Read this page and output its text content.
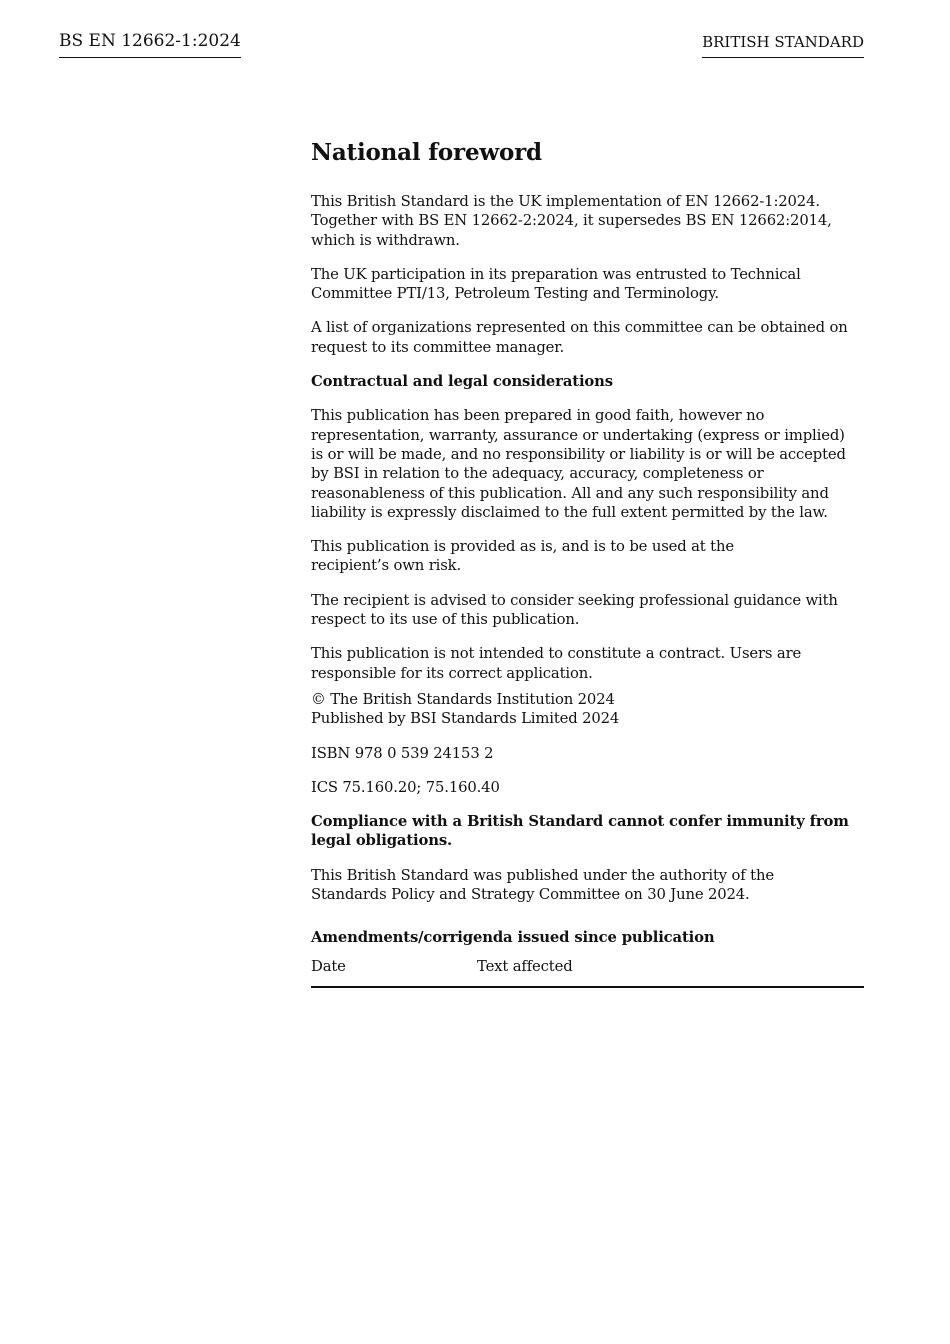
BS EN 12662-1:2024	BRITISH STANDARD
National foreword
This British Standard is the UK implementation of EN 12662-1:2024.
Together with BS EN 12662-2:2024, it supersedes BS EN 12662:2014,
which is withdrawn.
The UK participation in its preparation was entrusted to Technical
Committee PTI/13, Petroleum Testing and Terminology.
A list of organizations represented on this committee can be obtained on
request to its committee manager.
Contractual and legal considerations
This publication has been prepared in good faith, however no
representation, warranty, assurance or undertaking (express or implied)
is or will be made, and no responsibility or liability is or will be accepted
by BSI in relation to the adequacy, accuracy, completeness or
reasonableness of this publication. All and any such responsibility and
liability is expressly disclaimed to the full extent permitted by the law.
This publication is provided as is, and is to be used at the
recipient’s own risk.
The recipient is advised to consider seeking professional guidance with
respect to its use of this publication.
This publication is not intended to constitute a contract. Users are
responsible for its correct application.
© The British Standards Institution 2024
Published by BSI Standards Limited 2024
ISBN 978 0 539 24153 2
ICS 75.160.20; 75.160.40
Compliance with a British Standard cannot confer immunity from
legal obligations.
This British Standard was published under the authority of the
Standards Policy and Strategy Committee on 30 June 2024.
Amendments/corrigenda issued since publication
Date	Text affected
